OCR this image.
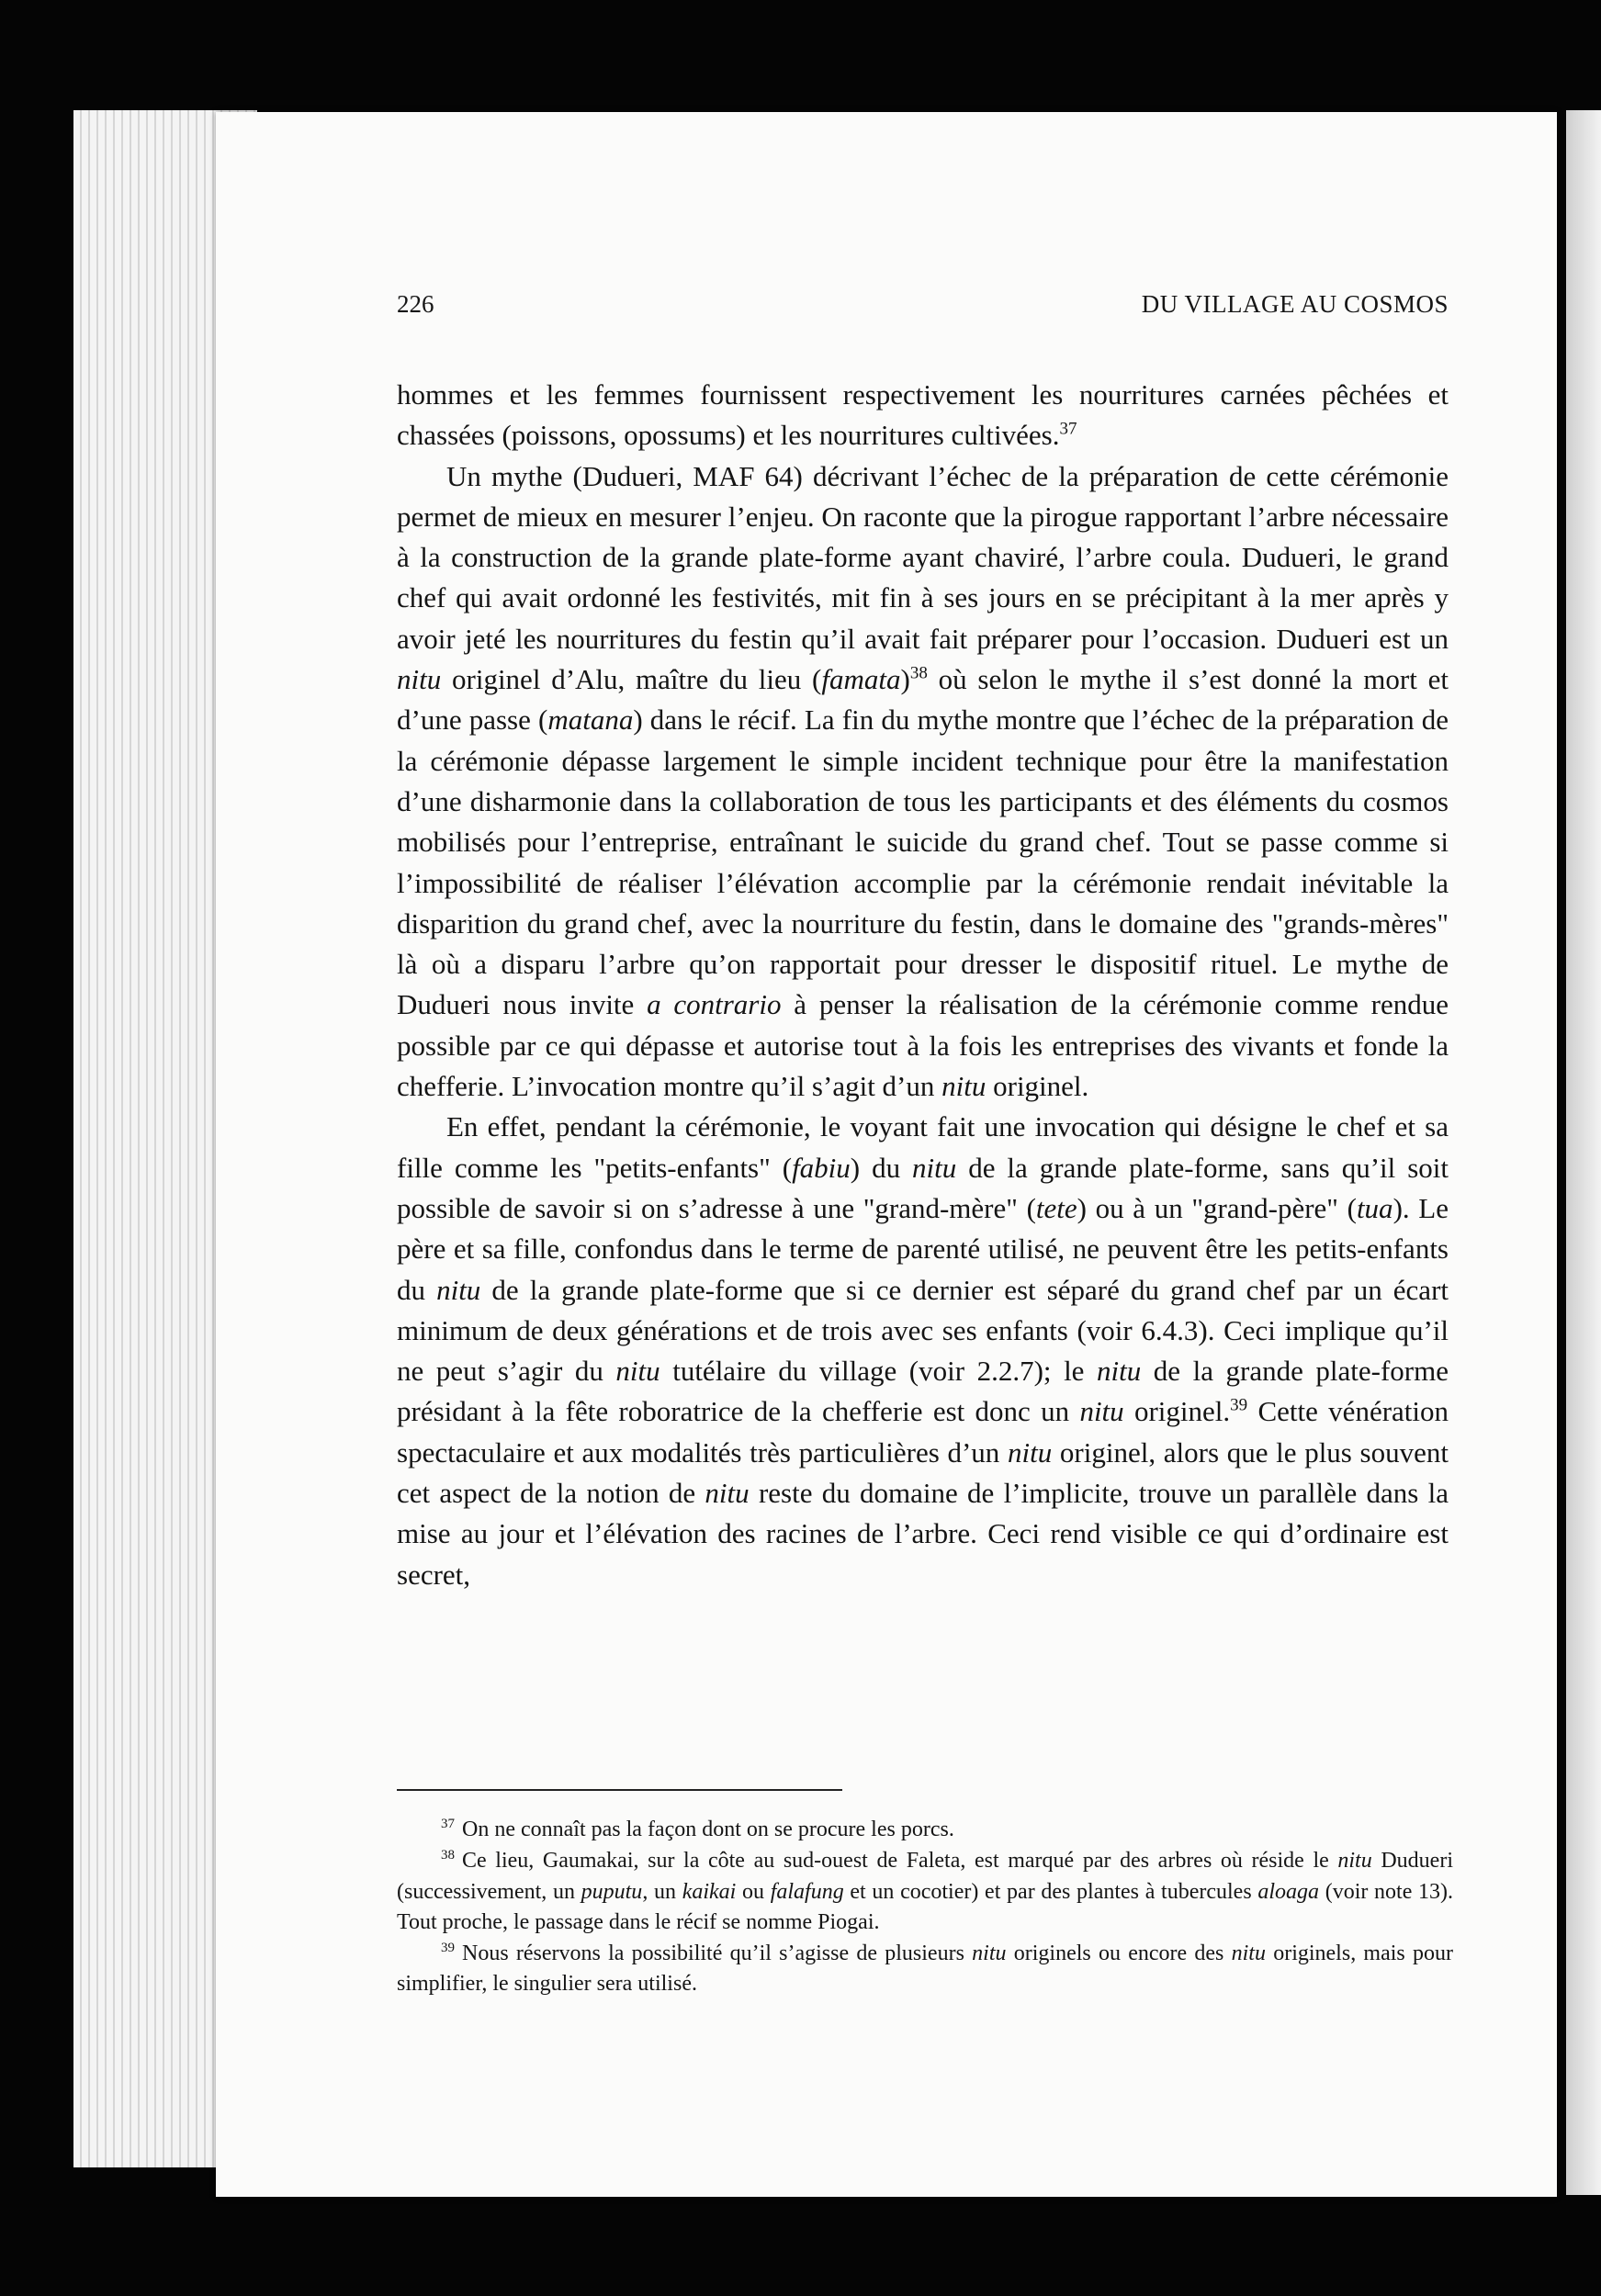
226	DU VILLAGE AU COSMOS

hommes et les femmes fournissent respectivement les nourritures carnées pêchées et chassées (poissons, opossums) et les nourritures cultivées.$^{37}$

Un mythe (Dudueri, MAF 64) décrivant l’échec de la préparation de cette cérémonie permet de mieux en mesurer l’enjeu. On raconte que la pirogue rapportant l’arbre nécessaire à la construction de la grande plate-forme ayant chaviré, l’arbre coula. Dudueri, le grand chef qui avait ordonné les festivités, mit fin à ses jours en se précipitant à la mer après y avoir jeté les nourritures du festin qu’il avait fait préparer pour l’occasion. Dudueri est un nitu originel d’Alu, maître du lieu (famata)$^{38}$ où selon le mythe il s’est donné la mort et d’une passe (matana) dans le récif. La fin du mythe montre que l’échec de la préparation de la cérémonie dépasse largement le simple incident technique pour être la manifestation d’une disharmonie dans la collaboration de tous les participants et des éléments du cosmos mobilisés pour l’entreprise, entraînant le suicide du grand chef. Tout se passe comme si l’impossibilité de réaliser l’élévation accomplie par la cérémonie rendait inévitable la disparition du grand chef, avec la nourriture du festin, dans le domaine des "grands-mères" là où a disparu l’arbre qu’on rapportait pour dresser le dispositif rituel. Le mythe de Dudueri nous invite a contrario à penser la réalisation de la cérémonie comme rendue possible par ce qui dépasse et autorise tout à la fois les entreprises des vivants et fonde la chefferie. L’invocation montre qu’il s’agit d’un nitu originel.

En effet, pendant la cérémonie, le voyant fait une invocation qui désigne le chef et sa fille comme les "petits-enfants" (fabiu) du nitu de la grande plate-forme, sans qu’il soit possible de savoir si on s’adresse à une "grand-mère" (tete) ou à un "grand-père" (tua). Le père et sa fille, confondus dans le terme de parenté utilisé, ne peuvent être les petits-enfants du nitu de la grande plate-forme que si ce dernier est séparé du grand chef par un écart minimum de deux générations et de trois avec ses enfants (voir 6.4.3). Ceci implique qu’il ne peut s’agir du nitu tutélaire du village (voir 2.2.7); le nitu de la grande plate-forme présidant à la fête roboratrice de la chefferie est donc un nitu originel.$^{39}$ Cette vénération spectaculaire et aux modalités très particulières d’un nitu originel, alors que le plus souvent cet aspect de la notion de nitu reste du domaine de l’implicite, trouve un parallèle dans la mise au jour et l’élévation des racines de l’arbre. Ceci rend visible ce qui d’ordinaire est secret,

$^{37}$ On ne connaît pas la façon dont on se procure les porcs.

$^{38}$ Ce lieu, Gaumakai, sur la côte au sud-ouest de Faleta, est marqué par des arbres où réside le nitu Dudueri (successivement, un puputu, un kaikai ou falafung et un cocotier) et par des plantes à tubercules aloaga (voir note 13). Tout proche, le passage dans le récif se nomme Piogai.

$^{39}$ Nous réservons la possibilité qu’il s’agisse de plusieurs nitu originels ou encore des nitu originels, mais pour simplifier, le singulier sera utilisé.
